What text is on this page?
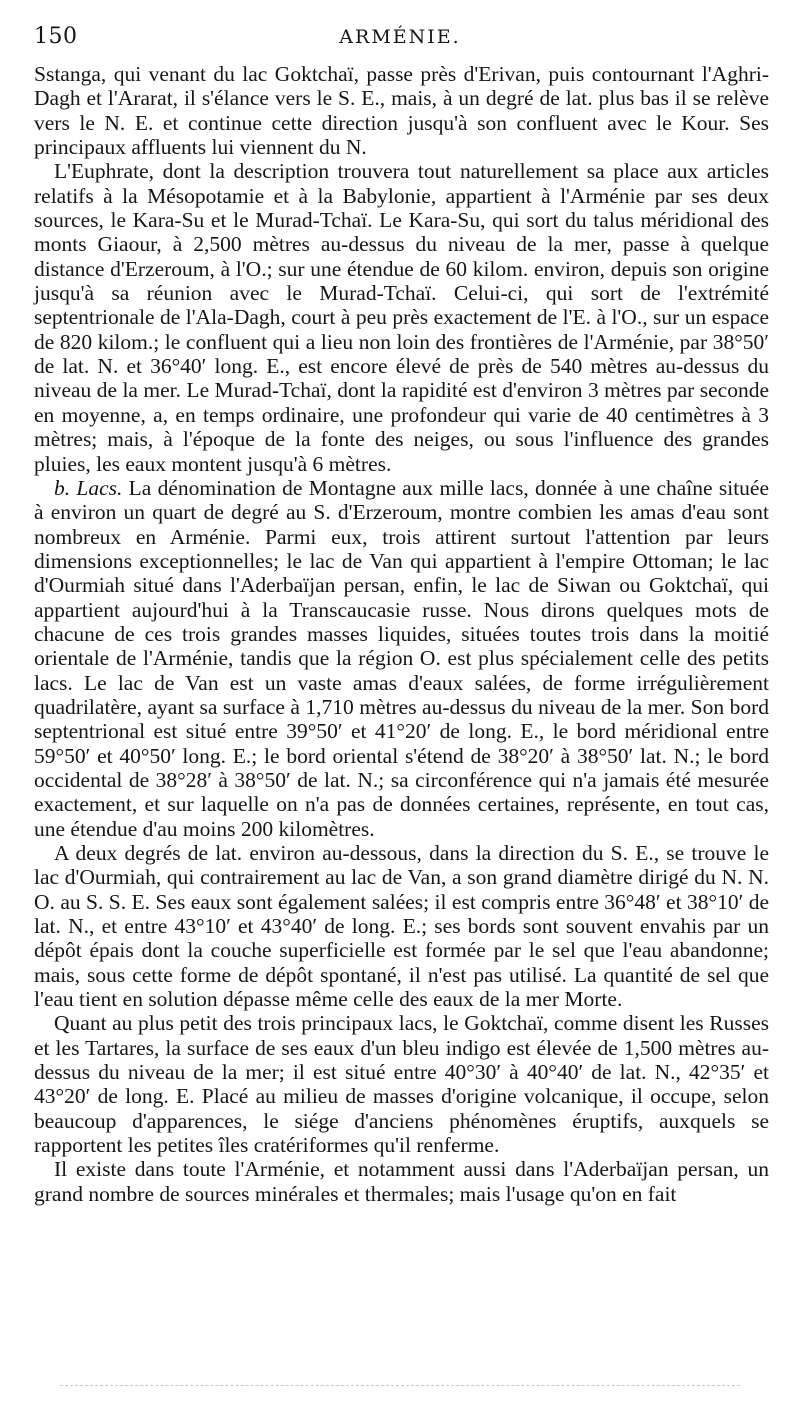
150	ARMÉNIE.

Sstanga, qui venant du lac Goktchaï, passe près d'Erivan, puis contournant l'Aghri-Dagh et l'Ararat, il s'élance vers le S. E., mais, à un degré de lat. plus bas il se relève vers le N. E. et continue cette direction jusqu'à son confluent avec le Kour. Ses principaux affluents lui viennent du N.

L'Euphrate, dont la description trouvera tout naturellement sa place aux articles relatifs à la Mésopotamie et à la Babylonie, appartient à l'Arménie par ses deux sources, le Kara-Su et le Murad-Tchaï. Le Kara-Su, qui sort du talus méridional des monts Giaour, à 2,500 mètres au-dessus du niveau de la mer, passe à quelque distance d'Erzeroum, à l'O.; sur une étendue de 60 kilom. environ, depuis son origine jusqu'à sa réunion avec le Murad-Tchaï. Celui-ci, qui sort de l'extrémité septentrionale de l'Ala-Dagh, court à peu près exactement de l'E. à l'O., sur un espace de 820 kilom.; le confluent qui a lieu non loin des frontières de l'Arménie, par 38°50′ de lat. N. et 36°40′ long. E., est encore élevé de près de 540 mètres au-dessus du niveau de la mer. Le Murad-Tchaï, dont la rapidité est d'environ 3 mètres par seconde en moyenne, a, en temps ordinaire, une profondeur qui varie de 40 centimètres à 3 mètres; mais, à l'époque de la fonte des neiges, ou sous l'influence des grandes pluies, les eaux montent jusqu'à 6 mètres.

b. Lacs. La dénomination de Montagne aux mille lacs, donnée à une chaîne située à environ un quart de degré au S. d'Erzeroum, montre combien les amas d'eau sont nombreux en Arménie. Parmi eux, trois attirent surtout l'attention par leurs dimensions exceptionnelles; le lac de Van qui appartient à l'empire Ottoman; le lac d'Ourmiah situé dans l'Aderbaïjan persan, enfin, le lac de Siwan ou Goktchaï, qui appartient aujourd'hui à la Transcaucasie russe. Nous dirons quelques mots de chacune de ces trois grandes masses liquides, situées toutes trois dans la moitié orientale de l'Arménie, tandis que la région O. est plus spécialement celle des petits lacs. Le lac de Van est un vaste amas d'eaux salées, de forme irrégulièrement quadrilatère, ayant sa surface à 1,710 mètres au-dessus du niveau de la mer. Son bord septentrional est situé entre 39°50′ et 41°20′ de long. E., le bord méridional entre 59°50′ et 40°50′ long. E.; le bord oriental s'étend de 38°20′ à 38°50′ lat. N.; le bord occidental de 38°28′ à 38°50′ de lat. N.; sa circonférence qui n'a jamais été mesurée exactement, et sur laquelle on n'a pas de données certaines, représente, en tout cas, une étendue d'au moins 200 kilomètres.

A deux degrés de lat. environ au-dessous, dans la direction du S. E., se trouve le lac d'Ourmiah, qui contrairement au lac de Van, a son grand diamètre dirigé du N. N. O. au S. S. E. Ses eaux sont également salées; il est compris entre 36°48′ et 38°10′ de lat. N., et entre 43°10′ et 43°40′ de long. E.; ses bords sont souvent envahis par un dépôt épais dont la couche superficielle est formée par le sel que l'eau abandonne; mais, sous cette forme de dépôt spontané, il n'est pas utilisé. La quantité de sel que l'eau tient en solution dépasse même celle des eaux de la mer Morte.

Quant au plus petit des trois principaux lacs, le Goktchaï, comme disent les Russes et les Tartares, la surface de ses eaux d'un bleu indigo est élevée de 1,500 mètres au-dessus du niveau de la mer; il est situé entre 40°30′ à 40°40′ de lat. N., 42°35′ et 43°20′ de long. E. Placé au milieu de masses d'origine volcanique, il occupe, selon beaucoup d'apparences, le siége d'anciens phénomènes éruptifs, auxquels se rapportent les petites îles cratériformes qu'il renferme.

Il existe dans toute l'Arménie, et notamment aussi dans l'Aderbaïjan persan, un grand nombre de sources minérales et thermales; mais l'usage qu'on en fait
